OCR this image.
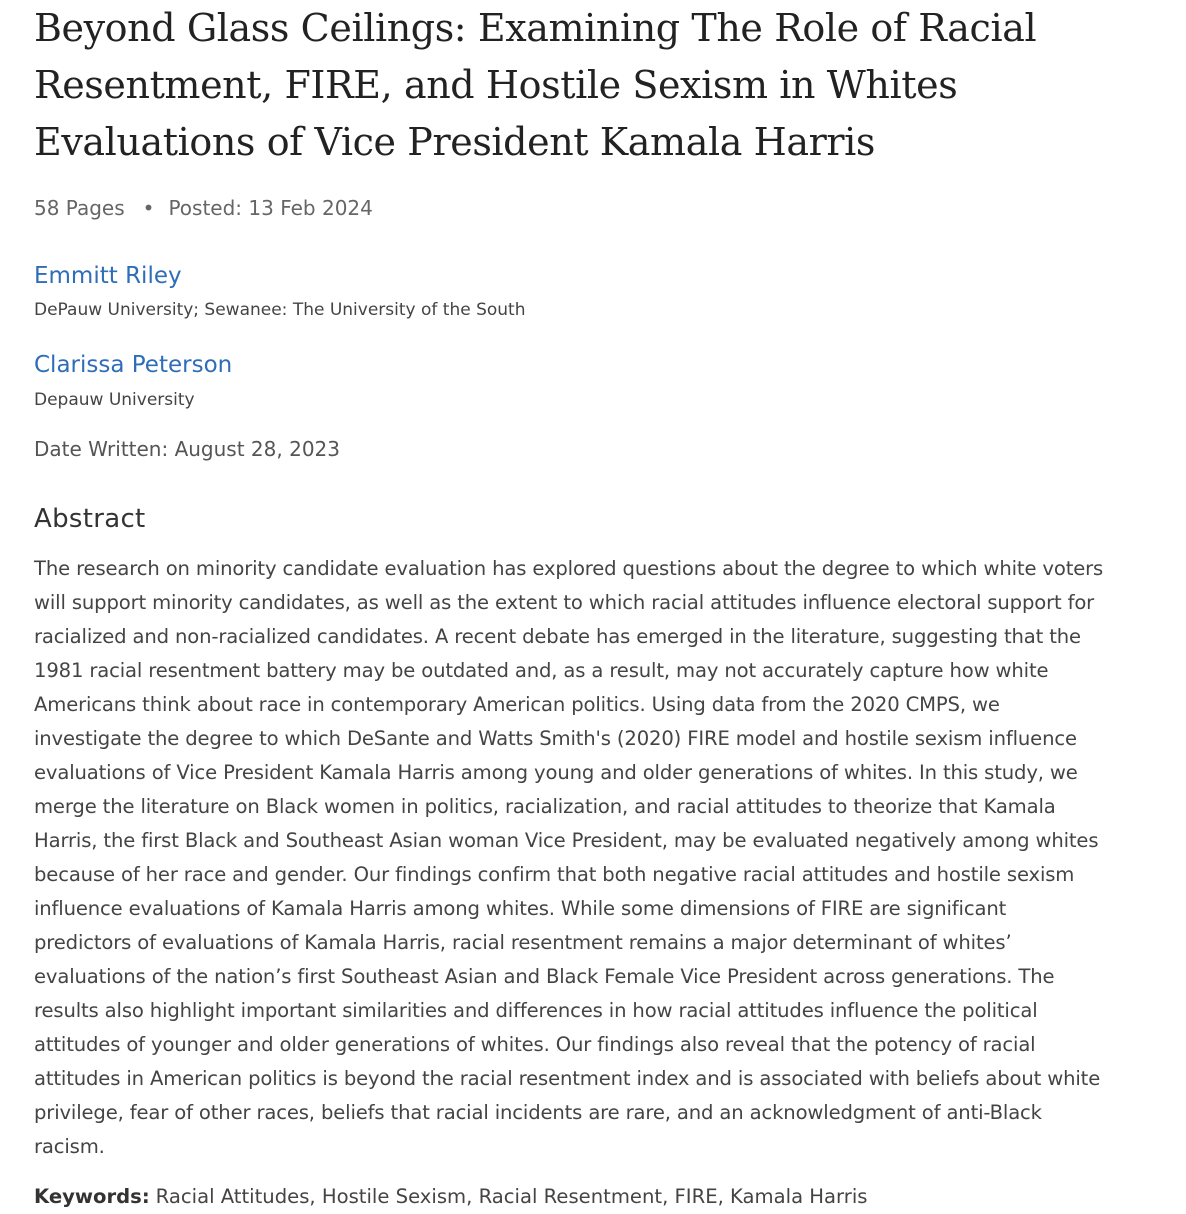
Beyond Glass Ceilings: Examining The Role of Racial
Resentment, FIRE, and Hostile Sexism in Whites
Evaluations of Vice President Kamala Harris
58 Pages • Posted: 13 Feb 2024
Emmitt Riley
DePauw University; Sewanee: The University of the South
Clarissa Peterson
Depauw University
Date Written: August 28, 2023
Abstract
The research on minority candidate evaluation has explored questions about the degree to which white voters
will support minority candidates, as well as the extent to which racial attitudes influence electoral support for
racialized and non-racialized candidates. A recent debate has emerged in the literature, suggesting that the
1981 racial resentment battery may be outdated and, as a result, may not accurately capture how white
Americans think about race in contemporary American politics. Using data from the 2020 CMPS, we
investigate the degree to which DeSante and Watts Smith's (2020) FIRE model and hostile sexism influence
evaluations of Vice President Kamala Harris among young and older generations of whites. In this study, we
merge the literature on Black women in politics, racialization, and racial attitudes to theorize that Kamala
Harris, the first Black and Southeast Asian woman Vice President, may be evaluated negatively among whites
because of her race and gender. Our findings confirm that both negative racial attitudes and hostile sexism
influence evaluations of Kamala Harris among whites. While some dimensions of FIRE are significant
predictors of evaluations of Kamala Harris, racial resentment remains a major determinant of whites’
evaluations of the nation’s first Southeast Asian and Black Female Vice President across generations. The
results also highlight important similarities and differences in how racial attitudes influence the political
attitudes of younger and older generations of whites. Our findings also reveal that the potency of racial
attitudes in American politics is beyond the racial resentment index and is associated with beliefs about white
privilege, fear of other races, beliefs that racial incidents are rare, and an acknowledgment of anti-Black
racism.
Keywords: Racial Attitudes, Hostile Sexism, Racial Resentment, FIRE, Kamala Harris
